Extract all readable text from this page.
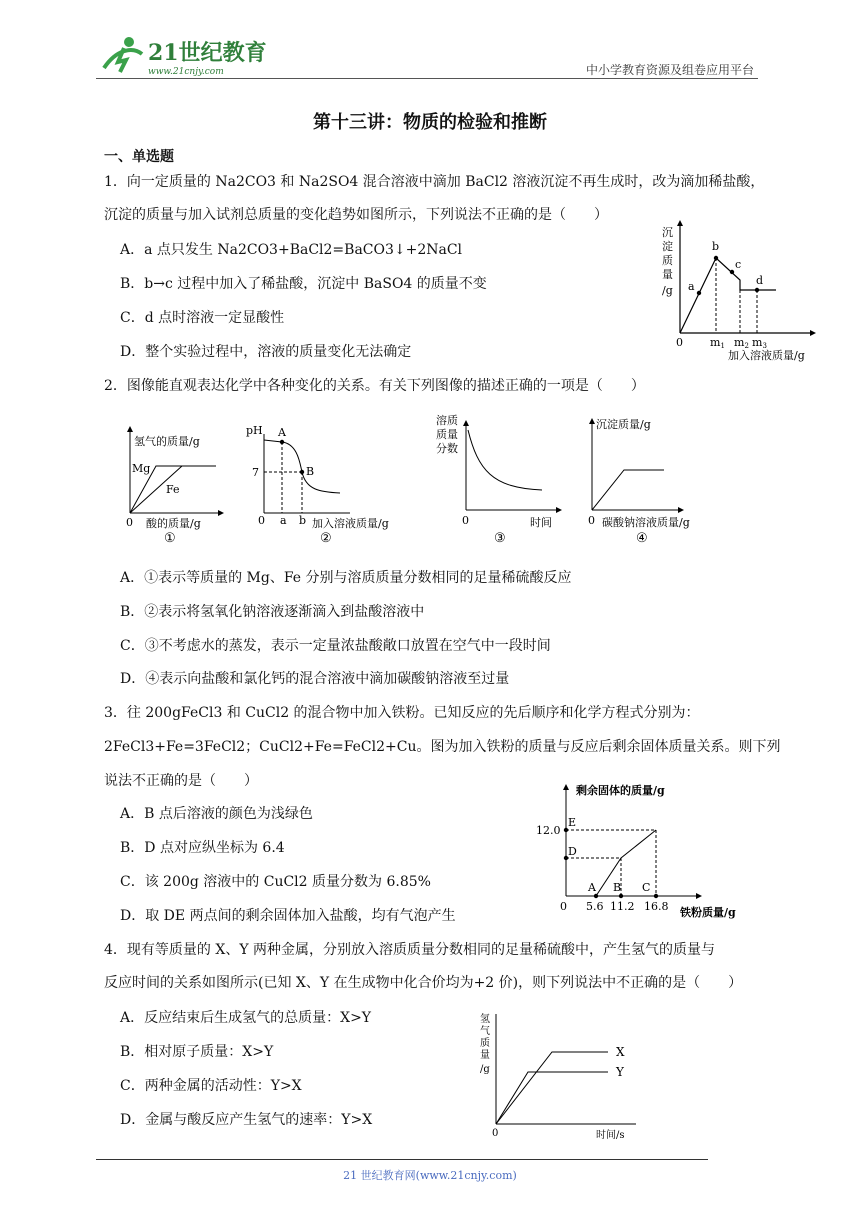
21世纪教育
www.21cnjy.com	中小学教育资源及组卷应用平台
第十三讲：物质的检验和推断
一、单选题
1．向一定质量的 Na2CO3 和 Na2SO4 混合溶液中滴加 BaCl2 溶液沉淀不再生成时，改为滴加稀盐酸，
沉淀的质量与加入试剂总质量的变化趋势如图所示，下列说法不正确的是（　　）
A．a 点只发生 Na2CO3+BaCl2=BaCO3↓+2NaCl
B．b→c 过程中加入了稀盐酸，沉淀中 BaSO4 的质量不变
C．d 点时溶液一定显酸性
D．整个实验过程中，溶液的质量变化无法确定
沉
淀
质
量
/g a
b
c
d
0 m1 m2 m3
加入溶液质量/g
2．图像能直观表达化学中各种变化的关系。有关下列图像的描述正确的一项是（　　）
氢气的质量/g
Mg
Fe
0 酸的质量/g
①
pH A
B
7
0 a b 加入溶液质量/g
②
溶质
质量
分数
0	时间
③
沉淀质量/g
0 碳酸钠溶液质量/g
④
A．①表示等质量的 Mg、Fe 分别与溶质质量分数相同的足量稀硫酸反应
B．②表示将氢氧化钠溶液逐渐滴入到盐酸溶液中
C．③不考虑水的蒸发，表示一定量浓盐酸敞口放置在空气中一段时间
D．④表示向盐酸和氯化钙的混合溶液中滴加碳酸钠溶液至过量
3．往 200gFeCl3 和 CuCl2 的混合物中加入铁粉。已知反应的先后顺序和化学方程式分别为：
2FeCl3+Fe=3FeCl2；CuCl2+Fe=FeCl2+Cu。图为加入铁粉的质量与反应后剩余固体质量关系。则下列
说法不正确的是（　　）
A．B 点后溶液的颜色为浅绿色
B．D 点对应纵坐标为 6.4
C．该 200g 溶液中的 CuCl2 质量分数为 6.85%
D．取 DE 两点间的剩余固体加入盐酸，均有气泡产生
剩余固体的质量/g
12.0
E
D
A B C
0 5.6 11.2 16.8 铁粉质量/g
4．现有等质量的 X、Y 两种金属，分别放入溶质质量分数相同的足量稀硫酸中，产生氢气的质量与
反应时间的关系如图所示(已知 X、Y 在生成物中化合价均为+2 价)，则下列说法中不正确的是（　　）
A．反应结束后生成氢气的总质量：X>Y
B．相对原子质量：X>Y
C．两种金属的活动性：Y>X
D．金属与酸反应产生氢气的速率：Y>X
氢
气
质
量
/g
0	时间/s
X
Y
21 世纪教育网(www.21cnjy.com)
